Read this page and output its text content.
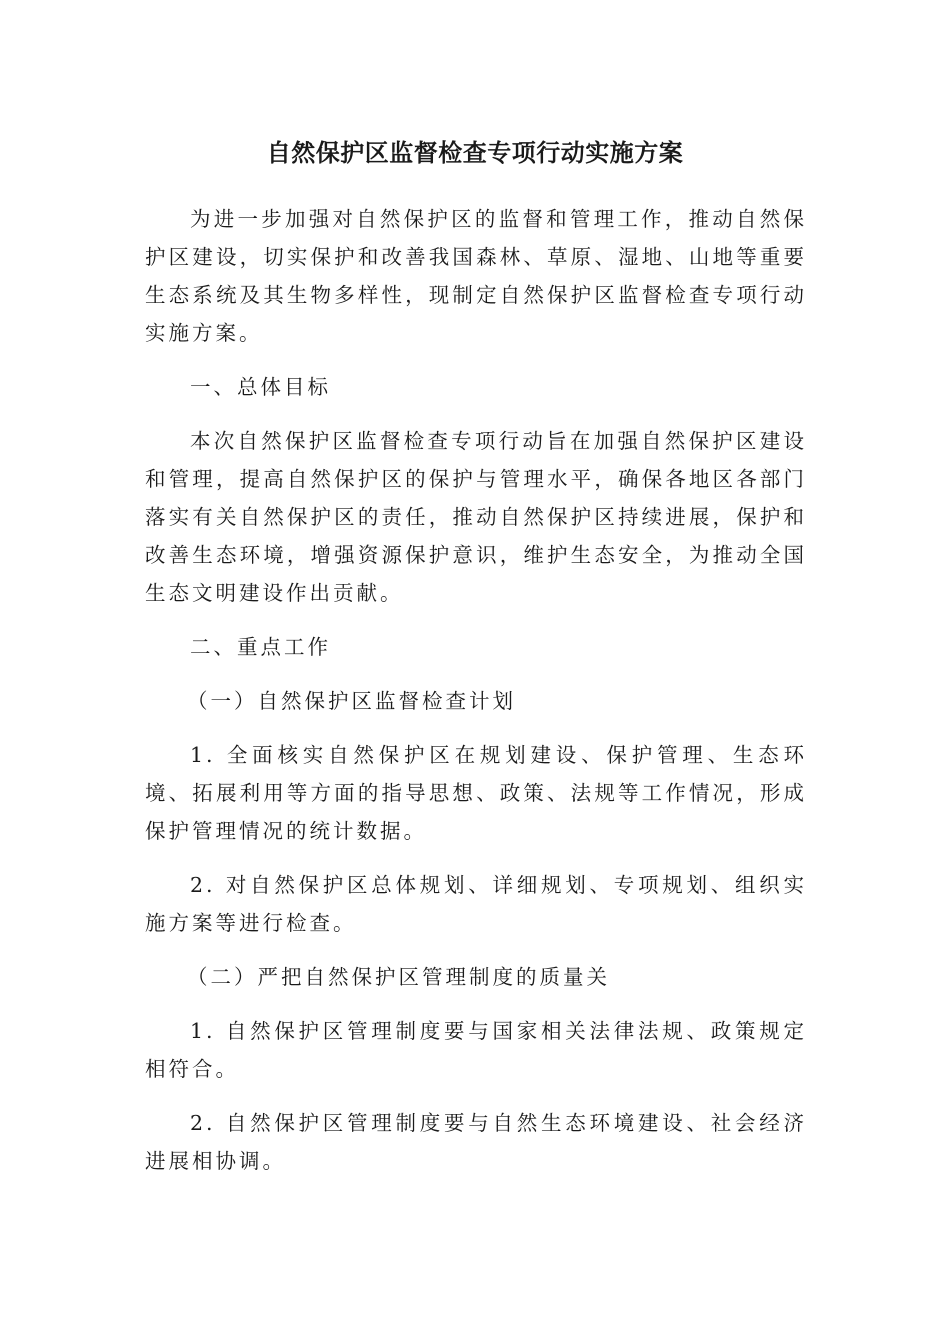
自然保护区监督检查专项行动实施方案

为进一步加强对自然保护区的监督和管理工作，推动自然保护区建设，切实保护和改善我国森林、草原、湿地、山地等重要生态系统及其生物多样性，现制定自然保护区监督检查专项行动实施方案。

一、总体目标

本次自然保护区监督检查专项行动旨在加强自然保护区建设和管理，提高自然保护区的保护与管理水平，确保各地区各部门落实有关自然保护区的责任，推动自然保护区持续进展，保护和改善生态环境，增强资源保护意识，维护生态安全，为推动全国生态文明建设作出贡献。

二、重点工作

（一）自然保护区监督检查计划

1. 全面核实自然保护区在规划建设、保护管理、生态环境、拓展利用等方面的指导思想、政策、法规等工作情况，形成保护管理情况的统计数据。

2. 对自然保护区总体规划、详细规划、专项规划、组织实施方案等进行检查。

（二）严把自然保护区管理制度的质量关

1. 自然保护区管理制度要与国家相关法律法规、政策规定相符合。

2. 自然保护区管理制度要与自然生态环境建设、社会经济进展相协调。
